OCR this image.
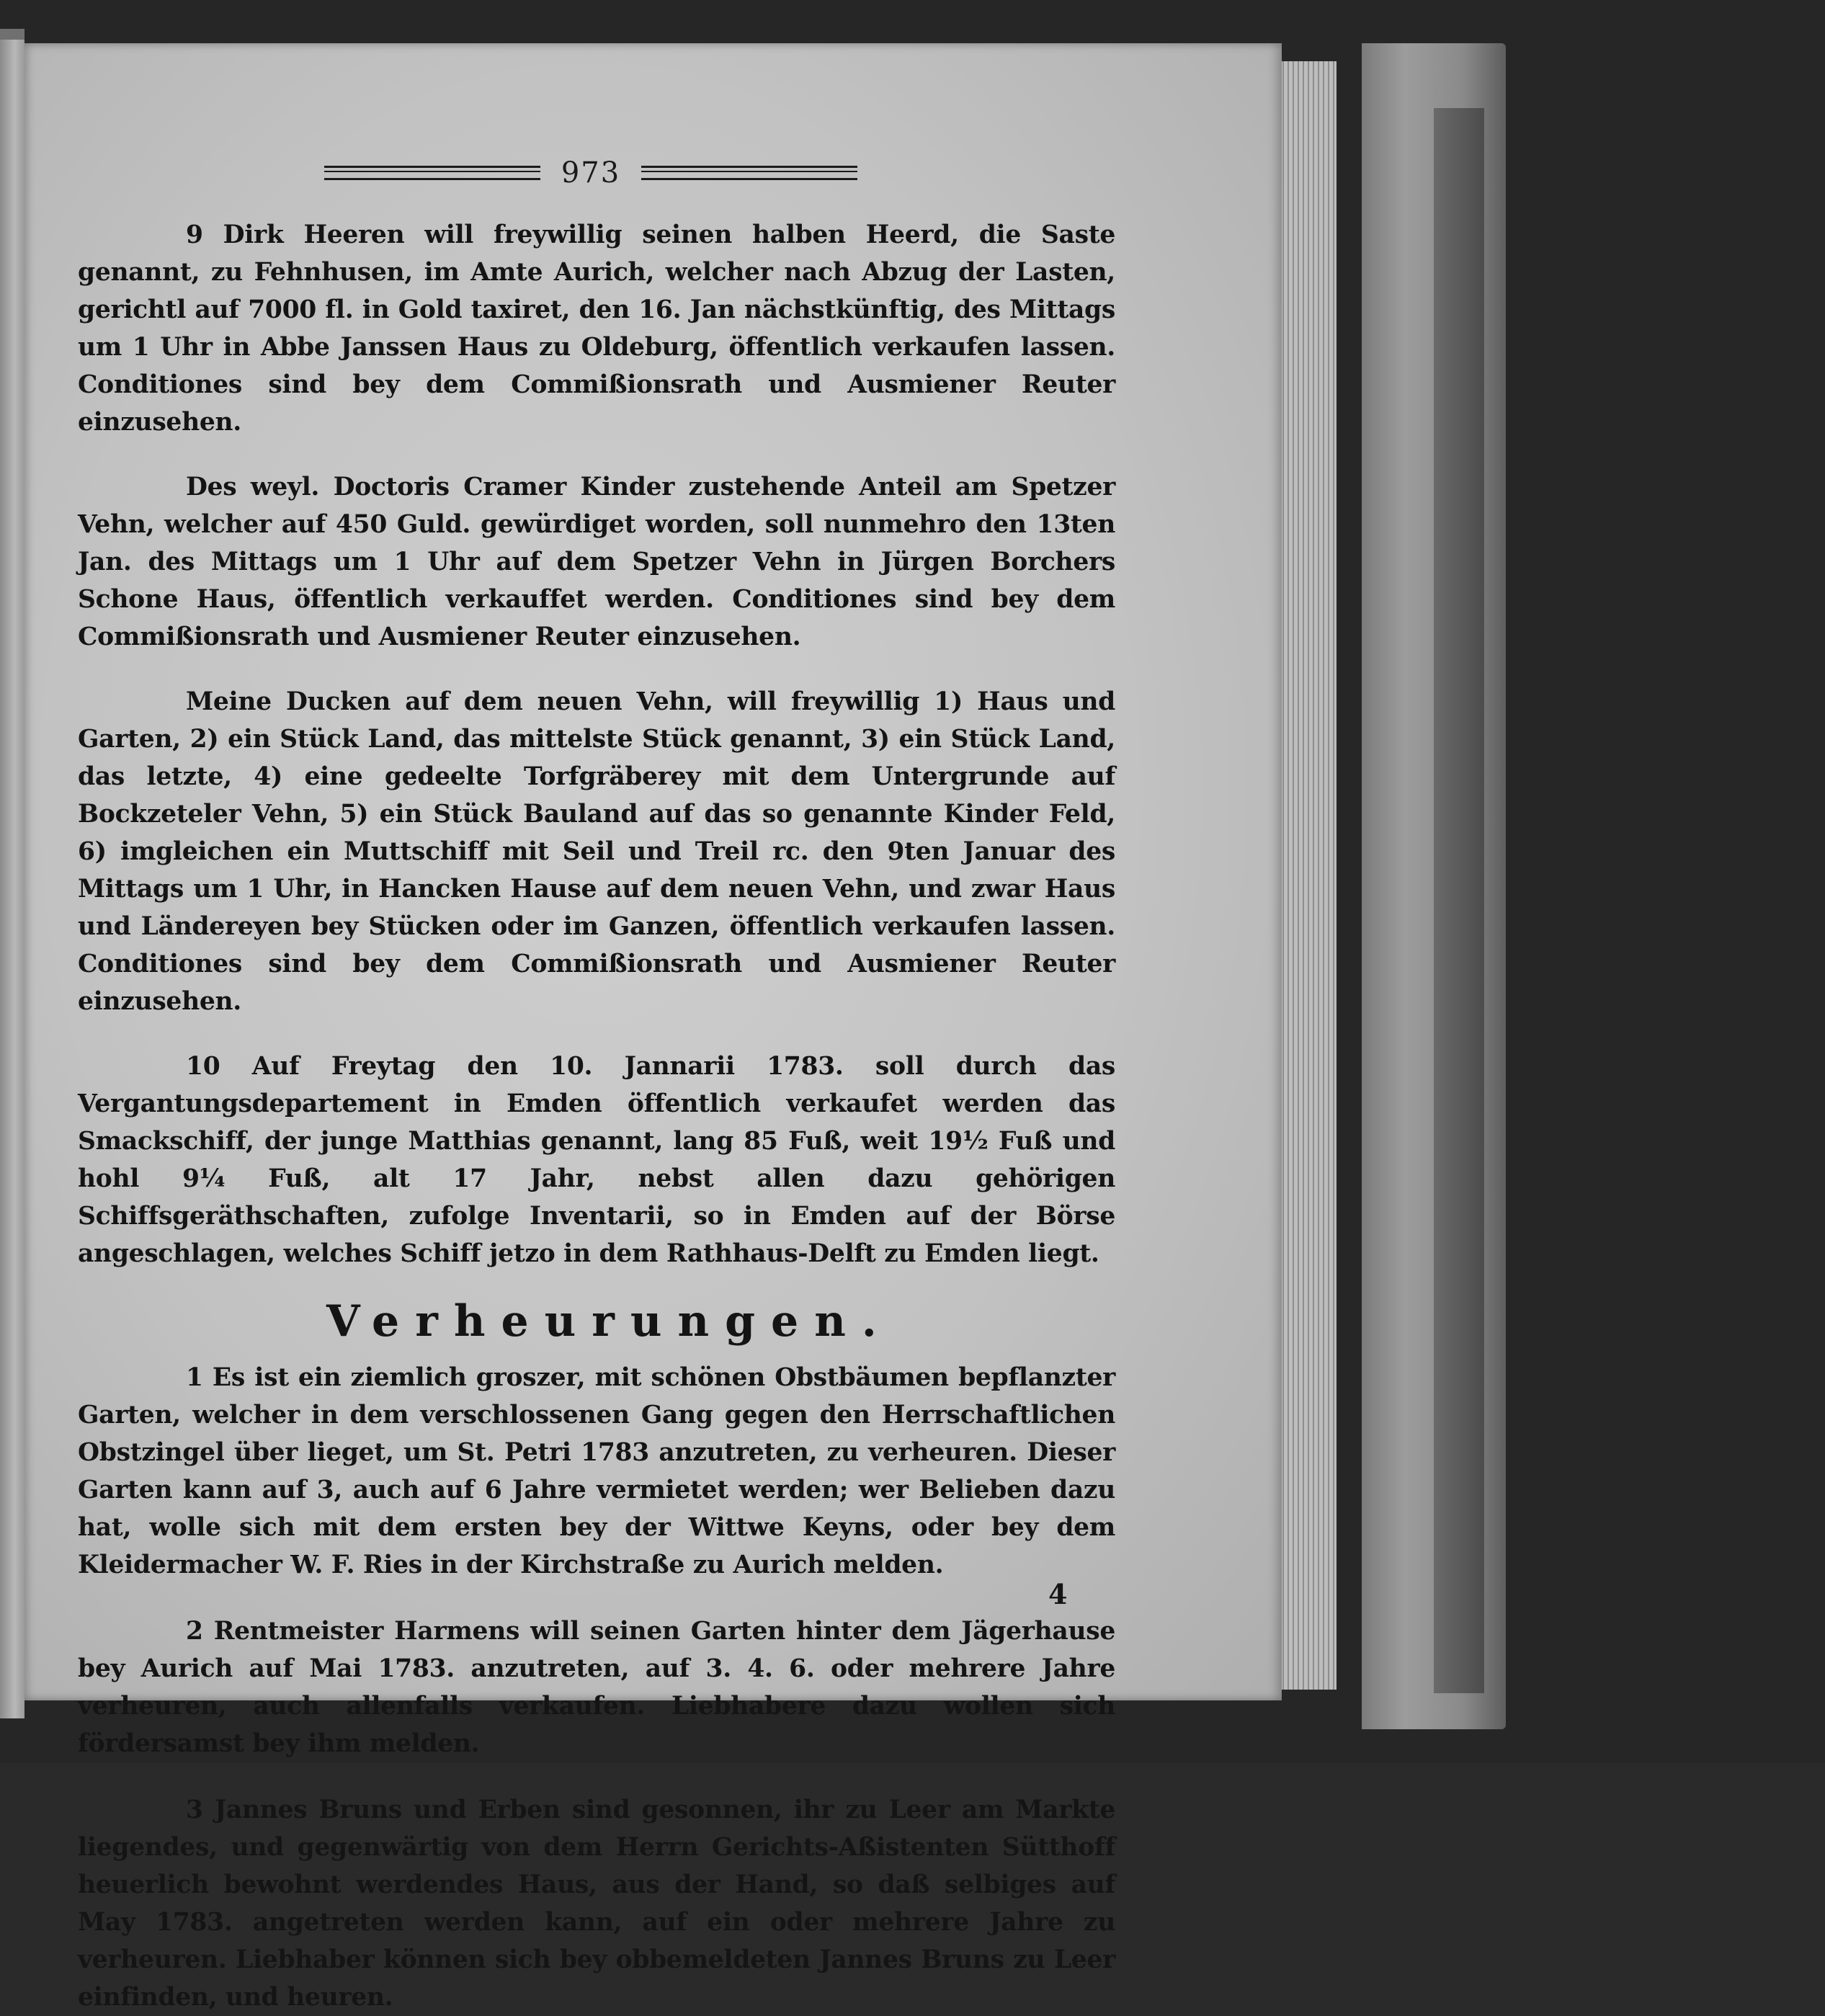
973

9 Dirk Heeren will freywillig seinen halben Heerd, die Saste genannt, zu Fehnhusen, im Amte Aurich, welcher nach Abzug der Lasten, gerichtl auf 7000 fl. in Gold taxiret, den 16. Jan nächstkünftig, des Mittags um 1 Uhr in Abbe Janssen Haus zu Oldeburg, öffentlich verkaufen lassen. Conditiones sind bey dem Commißionsrath und Ausmiener Reuter einzusehen.

Des weyl. Doctoris Cramer Kinder zustehende Anteil am Spetzer Vehn, welcher auf 450 Guld. gewürdiget worden, soll nunmehro den 13ten Jan. des Mittags um 1 Uhr auf dem Spetzer Vehn in Jürgen Borchers Schone Haus, öffentlich verkauffet werden. Conditiones sind bey dem Commißionsrath und Ausmiener Reuter einzusehen.

Meine Ducken auf dem neuen Vehn, will freywillig 1) Haus und Garten, 2) ein Stück Land, das mittelste Stück genannt, 3) ein Stück Land, das letzte, 4) eine gedeelte Torfgräberey mit dem Untergrunde auf Bockzeteler Vehn, 5) ein Stück Bauland auf das so genannte Kinder Feld, 6) imgleichen ein Muttschiff mit Seil und Treil rc. den 9ten Januar des Mittags um 1 Uhr, in Hancken Hause auf dem neuen Vehn, und zwar Haus und Ländereyen bey Stücken oder im Ganzen, öffentlich verkaufen lassen. Conditiones sind bey dem Commißionsrath und Ausmiener Reuter einzusehen.

10 Auf Freytag den 10. Jannarii 1783. soll durch das Vergantungsdepartement in Emden öffentlich verkaufet werden das Smackschiff, der junge Matthias genannt, lang 85 Fuß, weit 19½ Fuß und hohl 9¼ Fuß, alt 17 Jahr, nebst allen dazu gehörigen Schiffsgeräthschaften, zufolge Inventarii, so in Emden auf der Börse angeschlagen, welches Schiff jetzo in dem Rathhaus-Delft zu Emden liegt.

Verheurungen.

1 Es ist ein ziemlich groszer, mit schönen Obstbäumen bepflanzter Garten, welcher in dem verschlossenen Gang gegen den Herrschaftlichen Obstzingel über lieget, um St. Petri 1783 anzutreten, zu verheuren. Dieser Garten kann auf 3, auch auf 6 Jahre vermietet werden; wer Belieben dazu hat, wolle sich mit dem ersten bey der Wittwe Keyns, oder bey dem Kleidermacher W. F. Ries in der Kirchstraße zu Aurich melden.

2 Rentmeister Harmens will seinen Garten hinter dem Jägerhause bey Aurich auf Mai 1783. anzutreten, auf 3. 4. 6. oder mehrere Jahre verheuren, auch allenfalls verkaufen. Liebhabere dazu wollen sich fördersamst bey ihm melden.

3 Jannes Bruns und Erben sind gesonnen, ihr zu Leer am Markte liegendes, und gegenwärtig von dem Herrn Gerichts-Aßistenten Sütthoff heuerlich bewohnt werdendes Haus, aus der Hand, so daß selbiges auf May 1783. angetreten werden kann, auf ein oder mehrere Jahre zu verheuren. Liebhaber können sich bey obbemeldeten Jannes Bruns zu Leer einfinden, und heuren.

4
